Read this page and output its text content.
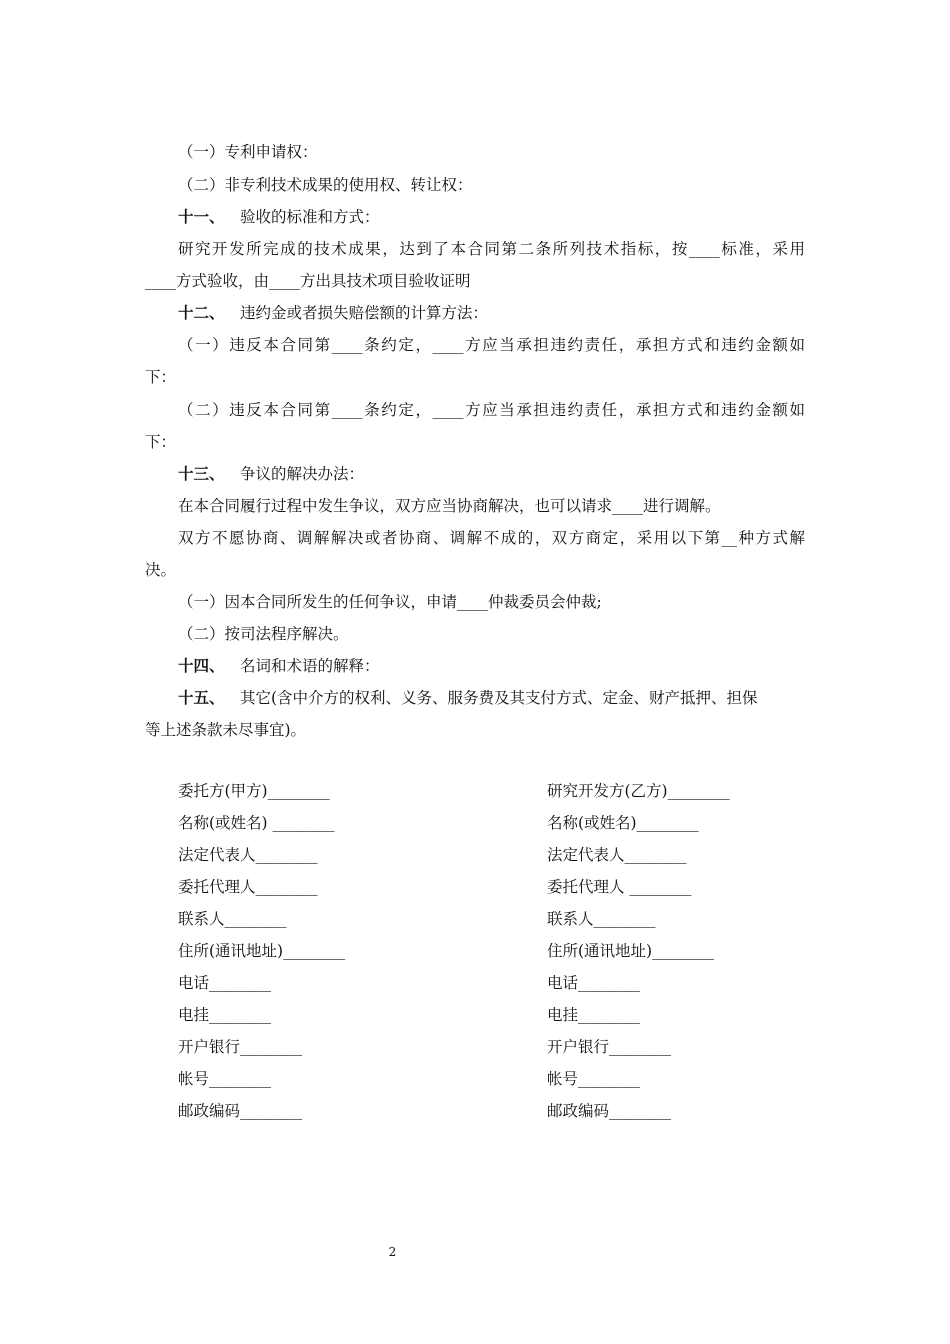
（一）专利申请权：
（二）非专利技术成果的使用权、转让权：
十一、 验收的标准和方式：
研究开发所完成的技术成果，达到了本合同第二条所列技术指标，按____标准，采用
____方式验收，由____方出具技术项目验收证明
十二、 违约金或者损失赔偿额的计算方法：
（一）违反本合同第____条约定，____方应当承担违约责任，承担方式和违约金额如
下：
（二）违反本合同第____条约定，____方应当承担违约责任，承担方式和违约金额如
下：
十三、 争议的解决办法：
在本合同履行过程中发生争议，双方应当协商解决，也可以请求____进行调解。
双方不愿协商、调解解决或者协商、调解不成的，双方商定，采用以下第__种方式解
决。
（一）因本合同所发生的任何争议，申请____仲裁委员会仲裁;
（二）按司法程序解决。
十四、 名词和术语的解释：
十五、 其它(含中介方的权利、义务、服务费及其支付方式、定金、财产抵押、担保
等上述条款未尽事宜)。
委托方(甲方)________
名称(或姓名) ________
法定代表人________
委托代理人________
联系人________
住所(通讯地址)________
电话________
电挂________
开户银行________
帐号________
邮政编码________
研究开发方(乙方)________
名称(或姓名)________
法定代表人________
委托代理人 ________
联系人________
住所(通讯地址)________
电话________
电挂________
开户银行________
帐号________
邮政编码________
2
